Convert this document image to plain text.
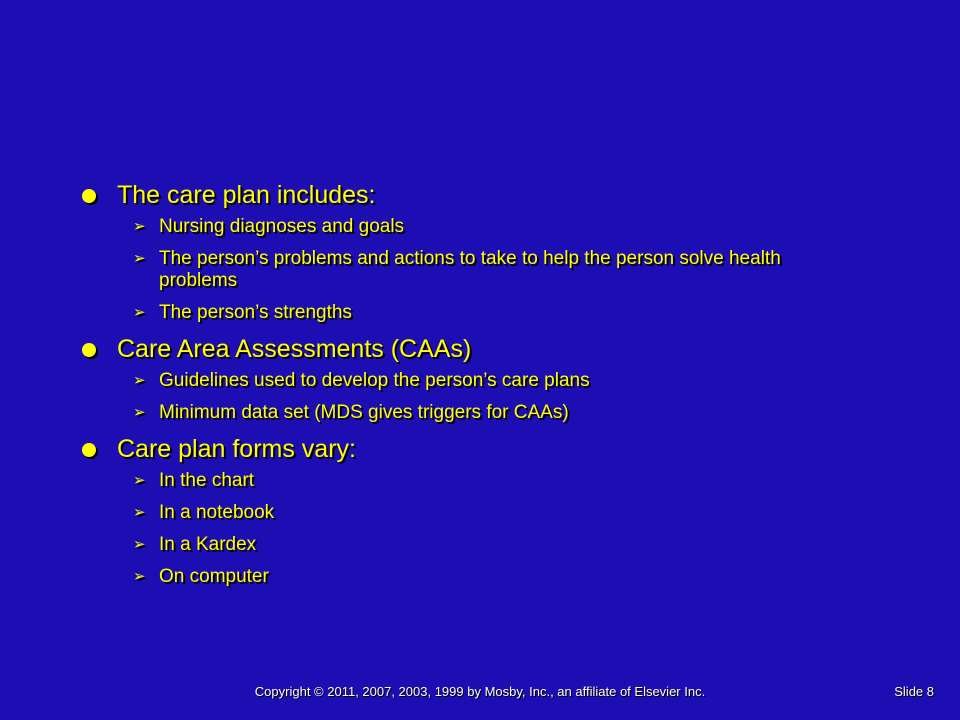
The care plan includes:
➢ Nursing diagnoses and goals
➢ The person’s problems and actions to take to help the person solve health problems
➢ The person’s strengths
Care Area Assessments (CAAs)
➢ Guidelines used to develop the person’s care plans
➢ Minimum data set (MDS gives triggers for CAAs)
Care plan forms vary:
➢ In the chart
➢ In a notebook
➢ In a Kardex
➢ On computer
Copyright © 2011, 2007, 2003, 1999 by Mosby, Inc., an affiliate of Elsevier Inc.	Slide 8
